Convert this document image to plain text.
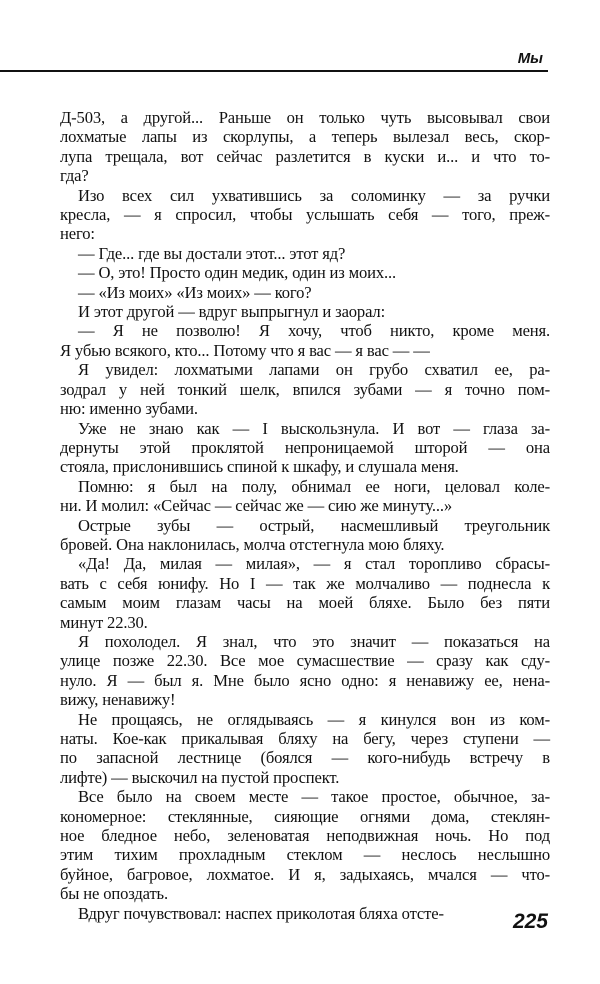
Мы
Д-503, а другой... Раньше он только чуть высовывал свои
лохматые лапы из скорлупы, а теперь вылезал весь, скор-
лупа трещала, вот сейчас разлетится в куски и... и что то-
гда?
Изо всех сил ухватившись за соломинку — за ручки
кресла, — я спросил, чтобы услышать себя — того, преж-
него:
— Где... где вы достали этот... этот яд?
— О, это! Просто один медик, один из моих...
— «Из моих» «Из моих» — кого?
И этот другой — вдруг выпрыгнул и заорал:
— Я не позволю! Я хочу, чтоб никто, кроме меня.
Я убью всякого, кто... Потому что я вас — я вас — —
Я увидел: лохматыми лапами он грубо схватил ее, ра-
зодрал у ней тонкий шелк, впился зубами — я точно пом-
ню: именно зубами.
Уже не знаю как — I выскользнула. И вот — глаза за-
дернуты этой проклятой непроницаемой шторой — она
стояла, прислонившись спиной к шкафу, и слушала меня.
Помню: я был на полу, обнимал ее ноги, целовал коле-
ни. И молил: «Сейчас — сейчас же — сию же минуту...»
Острые зубы — острый, насмешливый треугольник
бровей. Она наклонилась, молча отстегнула мою бляху.
«Да! Да, милая — милая», — я стал торопливо сбрасы-
вать с себя юнифу. Но I — так же молчаливо — поднесла к
самым моим глазам часы на моей бляхе. Было без пяти
минут 22.30.
Я похолодел. Я знал, что это значит — показаться на
улице позже 22.30. Все мое сумасшествие — сразу как сду-
нуло. Я — был я. Мне было ясно одно: я ненавижу ее, нена-
вижу, ненавижу!
Не прощаясь, не оглядываясь — я кинулся вон из ком-
наты. Кое-как прикалывая бляху на бегу, через ступени —
по запасной лестнице (боялся — кого-нибудь встречу в
лифте) — выскочил на пустой проспект.
Все было на своем месте — такое простое, обычное, за-
кономерное: стеклянные, сияющие огнями дома, стеклян-
ное бледное небо, зеленоватая неподвижная ночь. Но под
этим тихим прохладным стеклом — неслось неслышно
буйное, багровое, лохматое. И я, задыхаясь, мчался — что-
бы не опоздать.
Вдруг почувствовал: наспех приколотая бляха отсте-	225
